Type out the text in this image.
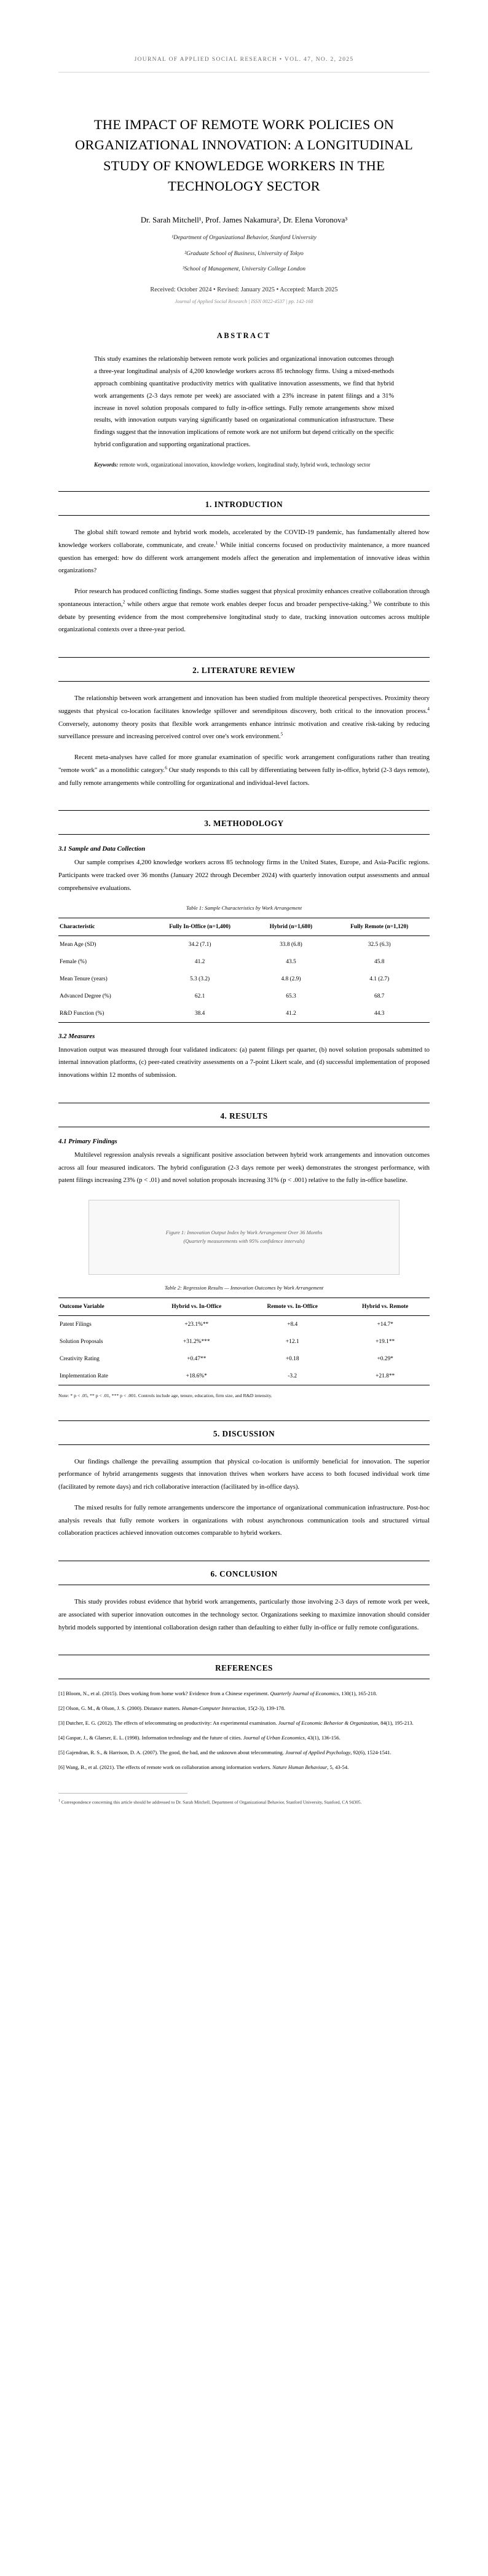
JOURNAL OF APPLIED SOCIAL RESEARCH • VOL. 47, NO. 2, 2025
THE IMPACT OF REMOTE WORK POLICIES ON ORGANIZATIONAL INNOVATION: A LONGITUDINAL STUDY OF KNOWLEDGE WORKERS IN THE TECHNOLOGY SECTOR
Dr. Sarah Mitchell¹, Prof. James Nakamura², Dr. Elena Voronova³
¹Department of Organizational Behavior, Stanford University
²Graduate School of Business, University of Tokyo
³School of Management, University College London
Received: October 2024 • Revised: January 2025 • Accepted: March 2025
Journal of Applied Social Research | ISSN 0022-4537 | pp. 142-168
ABSTRACT
This study examines the relationship between remote work policies and organizational innovation outcomes through a three-year longitudinal analysis of 4,200 knowledge workers across 85 technology firms. Using a mixed-methods approach combining quantitative productivity metrics with qualitative innovation assessments, we find that hybrid work arrangements (2-3 days remote per week) are associated with a 23% increase in patent filings and a 31% increase in novel solution proposals compared to fully in-office settings. Fully remote arrangements show mixed results, with innovation outputs varying significantly based on organizational communication infrastructure. These findings suggest that the innovation implications of remote work are not uniform but depend critically on the specific hybrid configuration and supporting organizational practices.
Keywords: remote work, organizational innovation, knowledge workers, longitudinal study, hybrid work, technology sector
1. INTRODUCTION

The global shift toward remote and hybrid work models, accelerated by the COVID-19 pandemic, has fundamentally altered how knowledge workers collaborate, communicate, and create.$^1$ While initial concerns focused on productivity maintenance, a more nuanced question has emerged: how do different work arrangement models affect the generation and implementation of innovative ideas within organizations?

Prior research has produced conflicting findings. Some studies suggest that physical proximity enhances creative collaboration through spontaneous interaction,$^2$ while others argue that remote work enables deeper focus and broader perspective-taking.$^3$ We contribute to this debate by presenting evidence from the most comprehensive longitudinal study to date, tracking innovation outcomes across multiple organizational contexts over a three-year period.

2. LITERATURE REVIEW

The relationship between work arrangement and innovation has been studied from multiple theoretical perspectives. Proximity theory suggests that physical co-location facilitates knowledge spillover and serendipitous discovery, both critical to the innovation process.$^4$ Conversely, autonomy theory posits that flexible work arrangements enhance intrinsic motivation and creative risk-taking by reducing surveillance pressure and increasing perceived control over one's work environment.$^5$

Recent meta-analyses have called for more granular examination of specific work arrangement configurations rather than treating "remote work" as a monolithic category.$^6$ Our study responds to this call by differentiating between fully in-office, hybrid (2-3 days remote), and fully remote arrangements while controlling for organizational and individual-level factors.

3. METHODOLOGY
3.1 Sample and Data Collection

Our sample comprises 4,200 knowledge workers across 85 technology firms in the United States, Europe, and Asia-Pacific regions. Participants were tracked over 36 months (January 2022 through December 2024) with quarterly innovation output assessments and annual comprehensive evaluations.

Table 1: Sample Characteristics by Work Arrangement
Characteristic	Fully In-Office (n=1,400)	Hybrid (n=1,680)	Fully Remote (n=1,120)
Mean Age (SD)	34.2 (7.1)	33.8 (6.8)	32.5 (6.3)
Female (%)	41.2	43.5	45.8
Mean Tenure (years)	5.3 (3.2)	4.8 (2.9)	4.1 (2.7)
Advanced Degree (%)	62.1	65.3	68.7
R&D Function (%)	38.4	41.2	44.3
3.2 Measures

Innovation output was measured through four validated indicators: (a) patent filings per quarter, (b) novel solution proposals submitted to internal innovation platforms, (c) peer-rated creativity assessments on a 7-point Likert scale, and (d) successful implementation of proposed innovations within 12 months of submission.

4. RESULTS
4.1 Primary Findings

Multilevel regression analysis reveals a significant positive association between hybrid work arrangements and innovation outcomes across all four measured indicators. The hybrid configuration (2-3 days remote per week) demonstrates the strongest performance, with patent filings increasing 23% (p < .01) and novel solution proposals increasing 31% (p < .001) relative to the fully in-office baseline.

Figure 1: Innovation Output Index by Work Arrangement Over 36 Months
(Quarterly measurements with 95% confidence intervals)
Table 2: Regression Results — Innovation Outcomes by Work Arrangement
Outcome Variable	Hybrid vs. In-Office	Remote vs. In-Office	Hybrid vs. Remote
Patent Filings	+23.1%**	+8.4	+14.7*
Solution Proposals	+31.2%***	+12.1	+19.1**
Creativity Rating	+0.47**	+0.18	+0.29*
Implementation Rate	+18.6%*	-3.2	+21.8**
Note: * p < .05, ** p < .01, *** p < .001. Controls include age, tenure, education, firm size, and R&D intensity.
5. DISCUSSION

Our findings challenge the prevailing assumption that physical co-location is uniformly beneficial for innovation. The superior performance of hybrid arrangements suggests that innovation thrives when workers have access to both focused individual work time (facilitated by remote days) and rich collaborative interaction (facilitated by in-office days).

The mixed results for fully remote arrangements underscore the importance of organizational communication infrastructure. Post-hoc analysis reveals that fully remote workers in organizations with robust asynchronous communication tools and structured virtual collaboration practices achieved innovation outcomes comparable to hybrid workers.

6. CONCLUSION

This study provides robust evidence that hybrid work arrangements, particularly those involving 2-3 days of remote work per week, are associated with superior innovation outcomes in the technology sector. Organizations seeking to maximize innovation should consider hybrid models supported by intentional collaboration design rather than defaulting to either fully in-office or fully remote configurations.

REFERENCES
[1] Bloom, N., et al. (2015). Does working from home work? Evidence from a Chinese experiment. Quarterly Journal of Economics, 130(1), 165-218.
[2] Olson, G. M., & Olson, J. S. (2000). Distance matters. Human-Computer Interaction, 15(2-3), 139-178.
[3] Dutcher, E. G. (2012). The effects of telecommuting on productivity: An experimental examination. Journal of Economic Behavior & Organization, 84(1), 195-213.
[4] Gaspar, J., & Glaeser, E. L. (1998). Information technology and the future of cities. Journal of Urban Economics, 43(1), 136-156.
[5] Gajendran, R. S., & Harrison, D. A. (2007). The good, the bad, and the unknown about telecommuting. Journal of Applied Psychology, 92(6), 1524-1541.
[6] Wang, B., et al. (2021). The effects of remote work on collaboration among information workers. Nature Human Behaviour, 5, 43-54.
$^1$ Correspondence concerning this article should be addressed to Dr. Sarah Mitchell, Department of Organizational Behavior, Stanford University, Stanford, CA 94305.
